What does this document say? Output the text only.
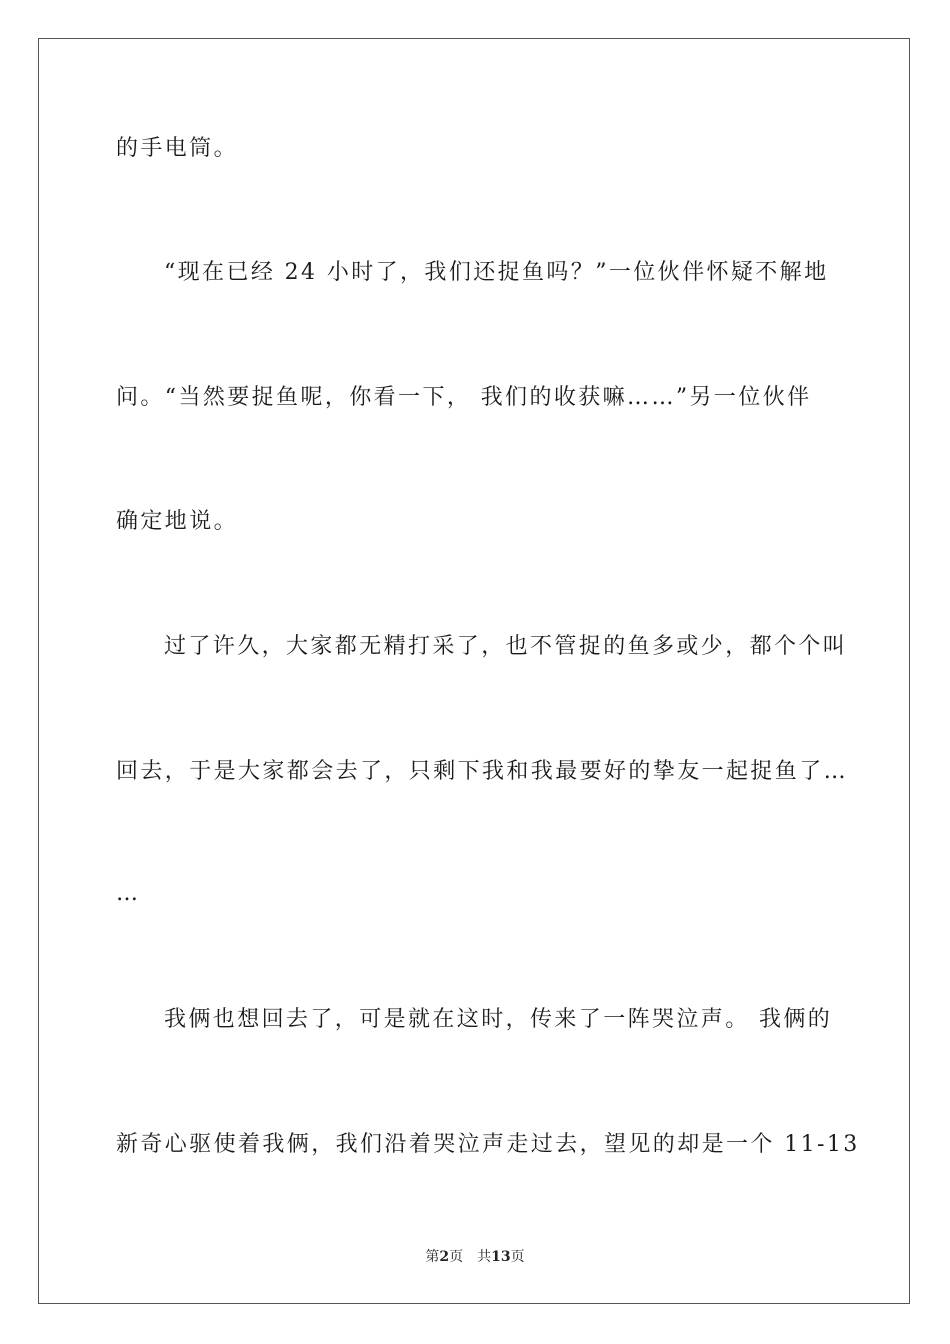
的手电筒。
“现在已经 24 小时了，我们还捉鱼吗？”一位伙伴怀疑不解地
问。“当然要捉鱼呢，你看一下， 我们的收获嘛……”另一位伙伴
确定地说。
过了许久，大家都无精打采了，也不管捉的鱼多或少，都个个叫
回去，于是大家都会去了，只剩下我和我最要好的挚友一起捉鱼了…
…
我俩也想回去了，可是就在这时，传来了一阵哭泣声。 我俩的
新奇心驱使着我俩，我们沿着哭泣声走过去，望见的却是一个 11-13
第2页 共13页
